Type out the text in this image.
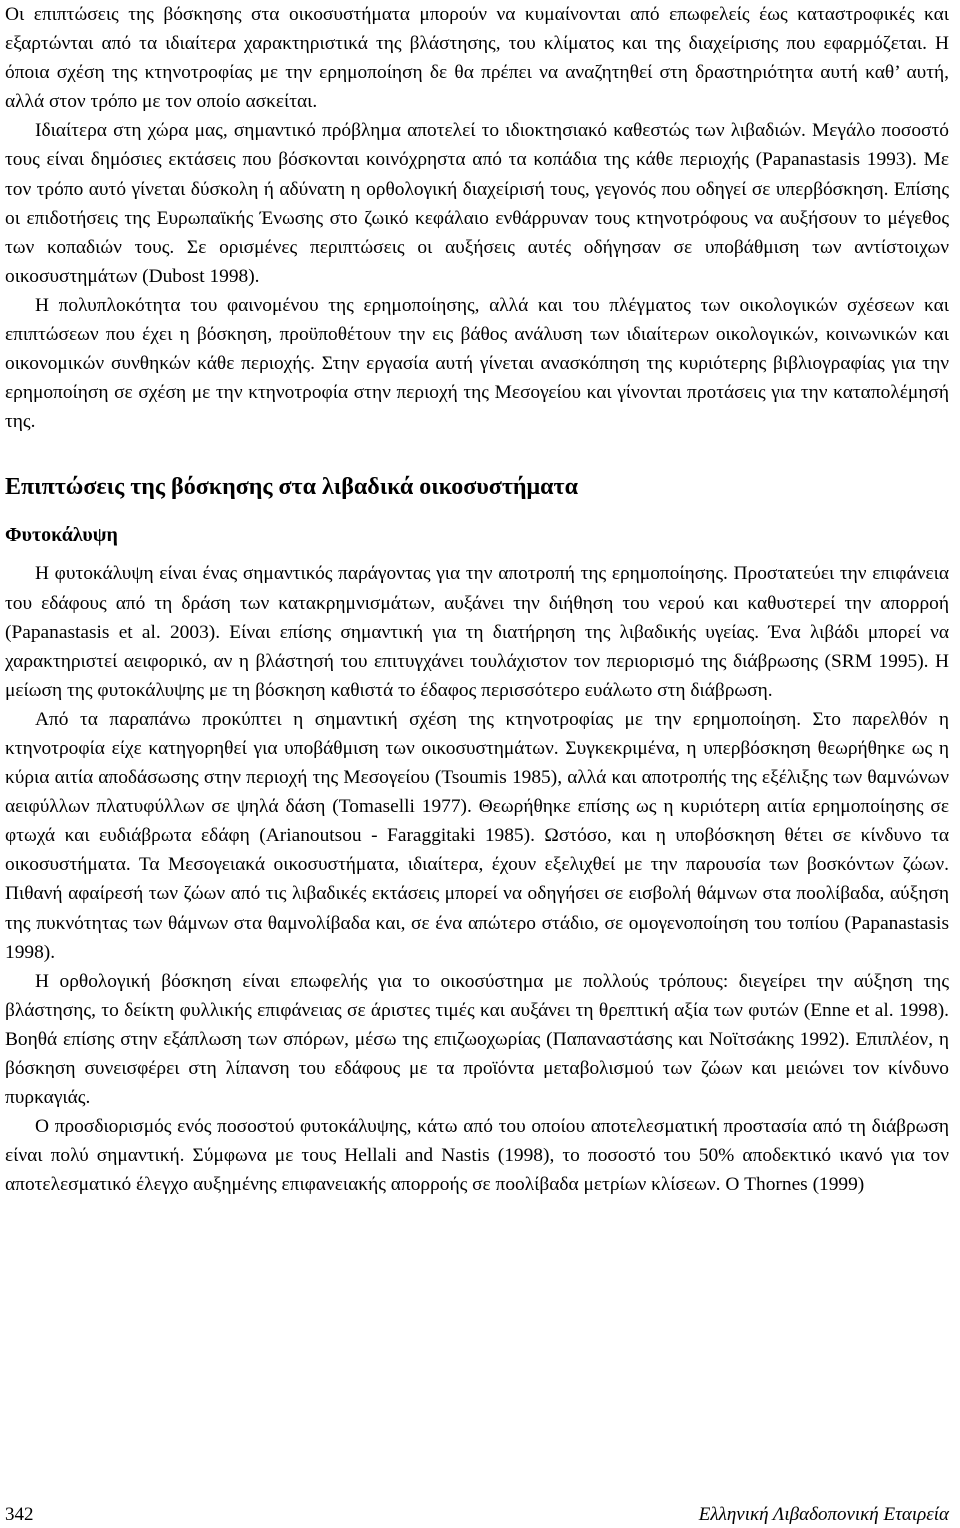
Οι επιπτώσεις της βόσκησης στα οικοσυστήματα μπορούν να κυμαίνονται από επωφελείς έως καταστροφικές και εξαρτώνται από τα ιδιαίτερα χαρακτηριστικά της βλάστησης, του κλίματος και της διαχείρισης που εφαρμόζεται. Η όποια σχέση της κτηνοτροφίας με την ερημοποίηση δε θα πρέπει να αναζητηθεί στη δραστηριότητα αυτή καθ’ αυτή, αλλά στον τρόπο με τον οποίο ασκείται.

Ιδιαίτερα στη χώρα μας, σημαντικό πρόβλημα αποτελεί το ιδιοκτησιακό καθεστώς των λιβαδιών. Μεγάλο ποσοστό τους είναι δημόσιες εκτάσεις που βόσκονται κοινόχρηστα από τα κοπάδια της κάθε περιοχής (Papanastasis 1993). Με τον τρόπο αυτό γίνεται δύσκολη ή αδύνατη η ορθολογική διαχείρισή τους, γεγονός που οδηγεί σε υπερβόσκηση. Επίσης οι επιδοτήσεις της Ευρωπαϊκής Ένωσης στο ζωικό κεφάλαιο ενθάρρυναν τους κτηνοτρόφους να αυξήσουν το μέγεθος των κοπαδιών τους. Σε ορισμένες περιπτώσεις οι αυξήσεις αυτές οδήγησαν σε υποβάθμιση των αντίστοιχων οικοσυστημάτων (Dubost 1998).

Η πολυπλοκότητα του φαινομένου της ερημοποίησης, αλλά και του πλέγματος των οικολογικών σχέσεων και επιπτώσεων που έχει η βόσκηση, προϋποθέτουν την εις βάθος ανάλυση των ιδιαίτερων οικολογικών, κοινωνικών και οικονομικών συνθηκών κάθε περιοχής. Στην εργασία αυτή γίνεται ανασκόπηση της κυριότερης βιβλιογραφίας για την ερημοποίηση σε σχέση με την κτηνοτροφία στην περιοχή της Μεσογείου και γίνονται προτάσεις για την καταπολέμησή της.

Επιπτώσεις της βόσκησης στα λιβαδικά οικοσυστήματα
Φυτοκάλυψη

Η φυτοκάλυψη είναι ένας σημαντικός παράγοντας για την αποτροπή της ερημοποίησης. Προστατεύει την επιφάνεια του εδάφους από τη δράση των κατακρημνισμάτων, αυξάνει την διήθηση του νερού και καθυστερεί την απορροή (Papanastasis et al. 2003). Είναι επίσης σημαντική για τη διατήρηση της λιβαδικής υγείας. Ένα λιβάδι μπορεί να χαρακτηριστεί αειφορικό, αν η βλάστησή του επιτυγχάνει τουλάχιστον τον περιορισμό της διάβρωσης (SRM 1995). Η μείωση της φυτοκάλυψης με τη βόσκηση καθιστά το έδαφος περισσότερο ευάλωτο στη διάβρωση.

Από τα παραπάνω προκύπτει η σημαντική σχέση της κτηνοτροφίας με την ερημοποίηση. Στο παρελθόν η κτηνοτροφία είχε κατηγορηθεί για υποβάθμιση των οικοσυστημάτων. Συγκεκριμένα, η υπερβόσκηση θεωρήθηκε ως η κύρια αιτία αποδάσωσης στην περιοχή της Μεσογείου (Tsoumis 1985), αλλά και αποτροπής της εξέλιξης των θαμνώνων αειφύλλων πλατυφύλλων σε ψηλά δάση (Tomaselli 1977). Θεωρήθηκε επίσης ως η κυριότερη αιτία ερημοποίησης σε φτωχά και ευδιάβρωτα εδάφη (Arianoutsou - Faraggitaki 1985). Ωστόσο, και η υποβόσκηση θέτει σε κίνδυνο τα οικοσυστήματα. Τα Μεσογειακά οικοσυστήματα, ιδιαίτερα, έχουν εξελιχθεί με την παρουσία των βοσκόντων ζώων. Πιθανή αφαίρεσή των ζώων από τις λιβαδικές εκτάσεις μπορεί να οδηγήσει σε εισβολή θάμνων στα ποολίβαδα, αύξηση της πυκνότητας των θάμνων στα θαμνολίβαδα και, σε ένα απώτερο στάδιο, σε ομογενοποίηση του τοπίου (Papanastasis 1998).

Η ορθολογική βόσκηση είναι επωφελής για το οικοσύστημα με πολλούς τρόπους: διεγείρει την αύξηση της βλάστησης, το δείκτη φυλλικής επιφάνειας σε άριστες τιμές και αυξάνει τη θρεπτική αξία των φυτών (Enne et al. 1998). Βοηθά επίσης στην εξάπλωση των σπόρων, μέσω της επιζωοχωρίας (Παπαναστάσης και Νοϊτσάκης 1992). Επιπλέον, η βόσκηση συνεισφέρει στη λίπανση του εδάφους με τα προϊόντα μεταβολισμού των ζώων και μειώνει τον κίνδυνο πυρκαγιάς.

Ο προσδιορισμός ενός ποσοστού φυτοκάλυψης, κάτω από του οποίου αποτελεσματική προστασία από τη διάβρωση είναι πολύ σημαντική. Σύμφωνα με τους Hellali and Nastis (1998), το ποσοστό του 50% αποδεκτικό ικανό για τον αποτελεσματικό έλεγχο αυξημένης επιφανειακής απορροής σε ποολίβαδα μετρίων κλίσεων. Ο Thornes (1999)

342	Ελληνική Λιβαδοπονική Εταιρεία
